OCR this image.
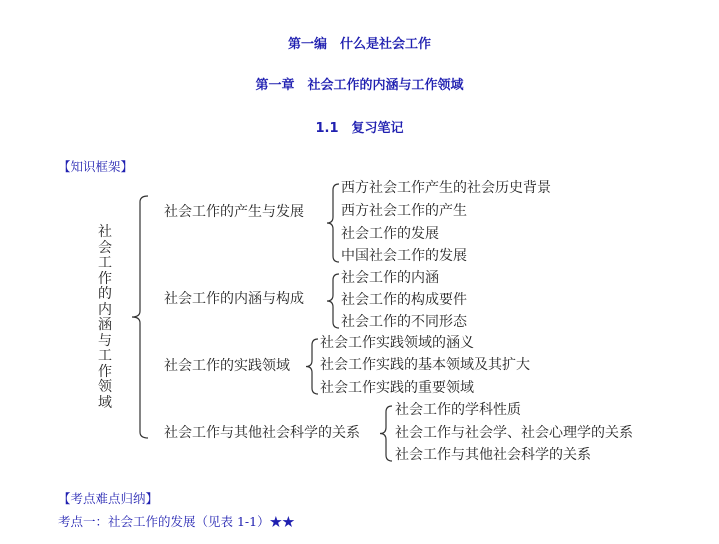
第一编　什么是社会工作
第一章　社会工作的内涵与工作领域
1.1　复习笔记
【知识框架】
社
会
工
作
的
内
涵
与
工
作
领
域
社会工作的产生与发展
西方社会工作产生的社会历史背景
西方社会工作的产生
社会工作的发展
中国社会工作的发展
社会工作的内涵与构成
社会工作的内涵
社会工作的构成要件
社会工作的不同形态
社会工作的实践领域
社会工作实践领域的涵义
社会工作实践的基本领域及其扩大
社会工作实践的重要领域
社会工作与其他社会科学的关系
社会工作的学科性质
社会工作与社会学、社会心理学的关系
社会工作与其他社会科学的关系
【考点难点归纳】
考点一：社会工作的发展（见表 1-1）★★
